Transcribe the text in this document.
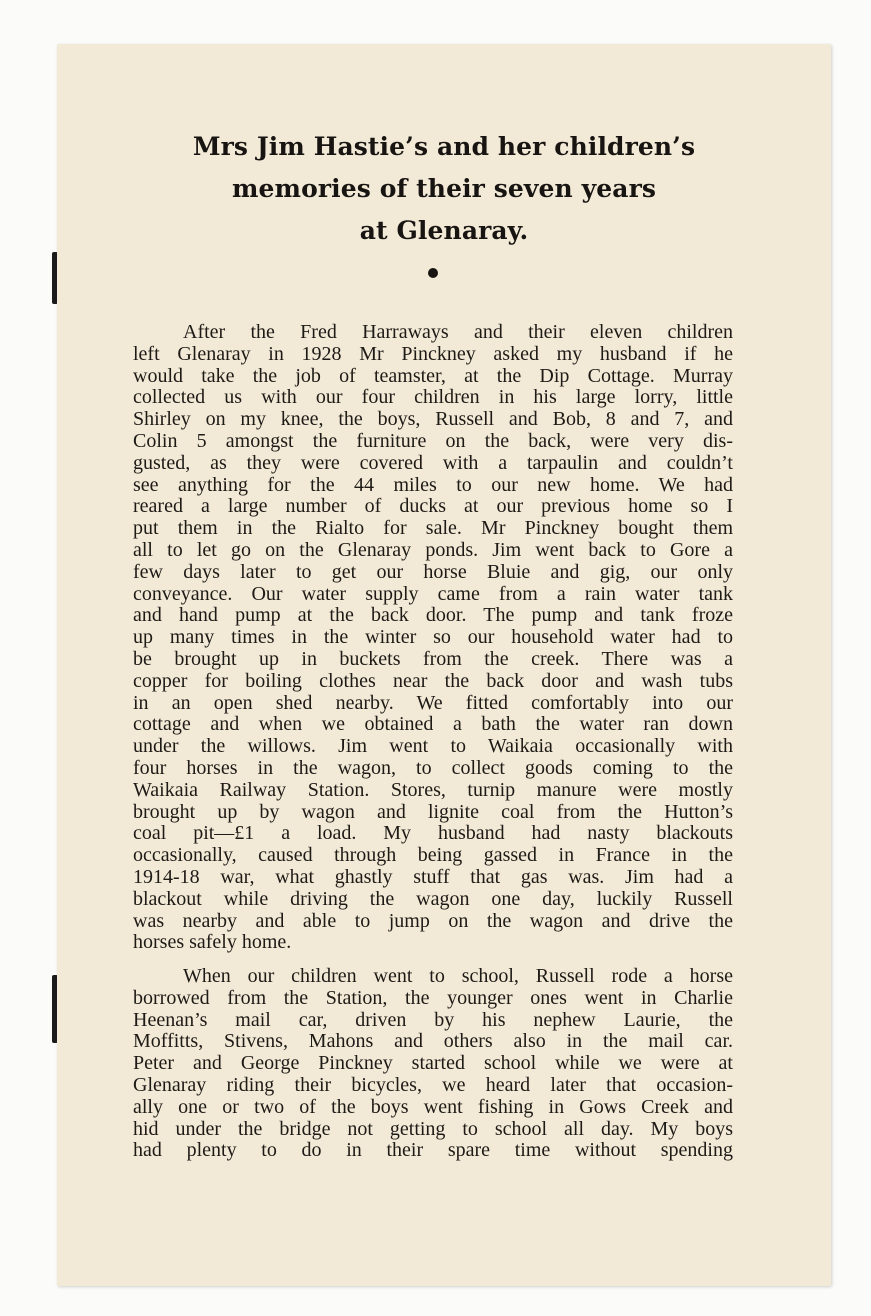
Mrs Jim Hastie’s and her children’s
memories of their seven years
at Glenaray.
After the Fred Harraways and their eleven children
left Glenaray in 1928 Mr Pinckney asked my husband if he
would take the job of teamster, at the Dip Cottage. Murray
collected us with our four children in his large lorry, little
Shirley on my knee, the boys, Russell and Bob, 8 and 7, and
Colin 5 amongst the furniture on the back, were very dis-
gusted, as they were covered with a tarpaulin and couldn’t
see anything for the 44 miles to our new home. We had
reared a large number of ducks at our previous home so I
put them in the Rialto for sale. Mr Pinckney bought them
all to let go on the Glenaray ponds. Jim went back to Gore a
few days later to get our horse Bluie and gig, our only
conveyance. Our water supply came from a rain water tank
and hand pump at the back door. The pump and tank froze
up many times in the winter so our household water had to
be brought up in buckets from the creek. There was a
copper for boiling clothes near the back door and wash tubs
in an open shed nearby. We fitted comfortably into our
cottage and when we obtained a bath the water ran down
under the willows. Jim went to Waikaia occasionally with
four horses in the wagon, to collect goods coming to the
Waikaia Railway Station. Stores, turnip manure were mostly
brought up by wagon and lignite coal from the Hutton’s
coal pit—£1 a load. My husband had nasty blackouts
occasionally, caused through being gassed in France in the
1914-18 war, what ghastly stuff that gas was. Jim had a
blackout while driving the wagon one day, luckily Russell
was nearby and able to jump on the wagon and drive the
horses safely home.
When our children went to school, Russell rode a horse
borrowed from the Station, the younger ones went in Charlie
Heenan’s mail car, driven by his nephew Laurie, the
Moffitts, Stivens, Mahons and others also in the mail car.
Peter and George Pinckney started school while we were at
Glenaray riding their bicycles, we heard later that occasion-
ally one or two of the boys went fishing in Gows Creek and
hid under the bridge not getting to school all day. My boys
had plenty to do in their spare time without spending
